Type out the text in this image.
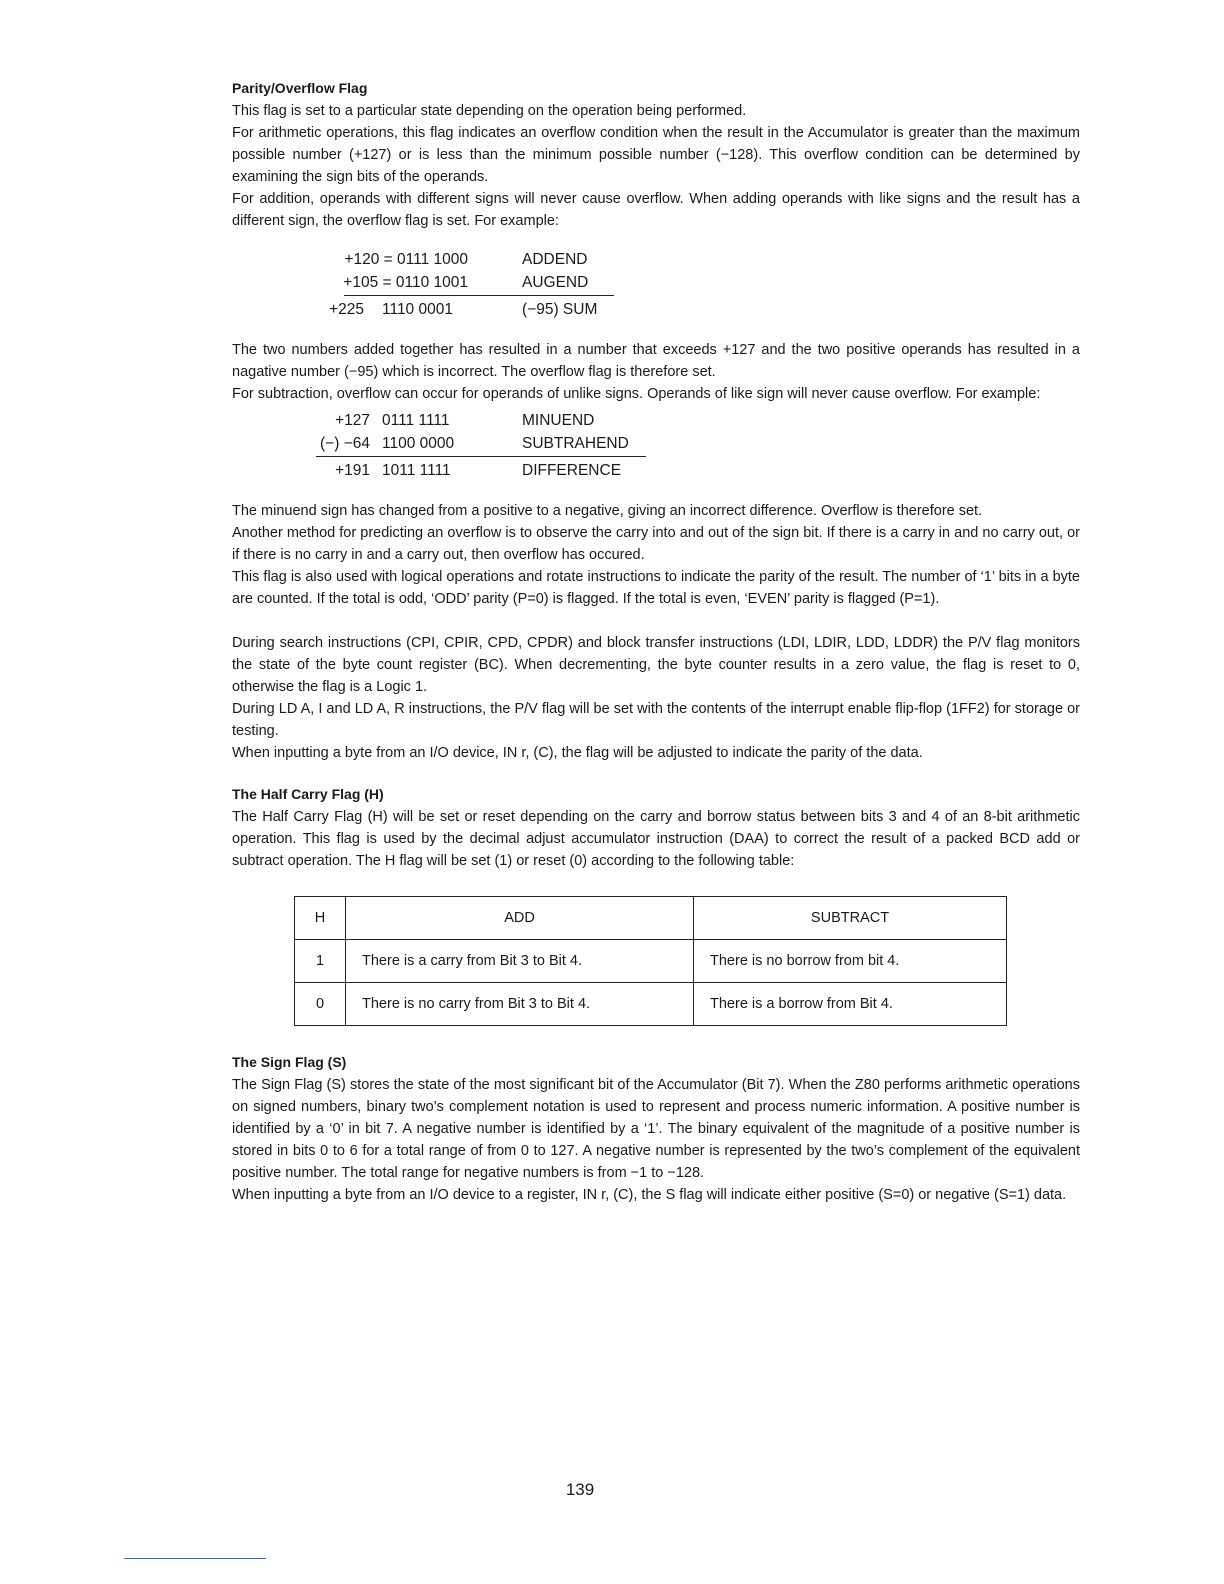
Parity/Overflow Flag

This flag is set to a particular state depending on the operation being performed.

For arithmetic operations, this flag indicates an overflow condition when the result in the Accumulator is greater than the maximum possible number (+127) or is less than the minimum possible number (−128). This overflow condition can be determined by examining the sign bits of the operands.

For addition, operands with different signs will never cause overflow. When adding operands with like signs and the result has a different sign, the overflow flag is set. For example:

+120 = 0111 1000	ADDEND
+105 = 0110 1001	AUGEND
+225	1110 0001	(−95) SUM

The two numbers added together has resulted in a number that exceeds +127 and the two positive operands has resulted in a nagative number (−95) which is incorrect. The overflow flag is therefore set.

For subtraction, overflow can occur for operands of unlike signs. Operands of like sign will never cause overflow. For example:

+127 0111 1111	MINUEND
(−) −64 1100 0000	SUBTRAHEND
+191 1011 1111	DIFFERENCE

The minuend sign has changed from a positive to a negative, giving an incorrect difference. Overflow is therefore set.

Another method for predicting an overflow is to observe the carry into and out of the sign bit. If there is a carry in and no carry out, or if there is no carry in and a carry out, then overflow has occured.

This flag is also used with logical operations and rotate instructions to indicate the parity of the result. The number of ‘1’ bits in a byte are counted. If the total is odd, ‘ODD’ parity (P=0) is flagged. If the total is even, ‘EVEN’ parity is flagged (P=1).

During search instructions (CPI, CPIR, CPD, CPDR) and block transfer instructions (LDI, LDIR, LDD, LDDR) the P/V flag monitors the state of the byte count register (BC). When decrementing, the byte counter results in a zero value, the flag is reset to 0, otherwise the flag is a Logic 1.

During LD A, I and LD A, R instructions, the P/V flag will be set with the contents of the interrupt enable flip-flop (1FF2) for storage or testing.

When inputting a byte from an I/O device, IN r, (C), the flag will be adjusted to indicate the parity of the data.

The Half Carry Flag (H)

The Half Carry Flag (H) will be set or reset depending on the carry and borrow status between bits 3 and 4 of an 8-bit arithmetic operation. This flag is used by the decimal adjust accumulator instruction (DAA) to correct the result of a packed BCD add or subtract operation. The H flag will be set (1) or reset (0) according to the following table:

H	ADD	SUBTRACT
1	There is a carry from Bit 3 to Bit 4.	There is no borrow from bit 4.
0	There is no carry from Bit 3 to Bit 4.	There is a borrow from Bit 4.
The Sign Flag (S)

The Sign Flag (S) stores the state of the most significant bit of the Accumulator (Bit 7). When the Z80 performs arithmetic operations on signed numbers, binary two’s complement notation is used to represent and process numeric information. A positive number is identified by a ‘0’ in bit 7. A negative number is identified by a ‘1’. The binary equivalent of the magnitude of a positive number is stored in bits 0 to 6 for a total range of from 0 to 127. A negative number is represented by the two’s complement of the equivalent positive number. The total range for negative numbers is from −1 to −128.

When inputting a byte from an I/O device to a register, IN r, (C), the S flag will indicate either positive (S=0) or negative (S=1) data.

139
